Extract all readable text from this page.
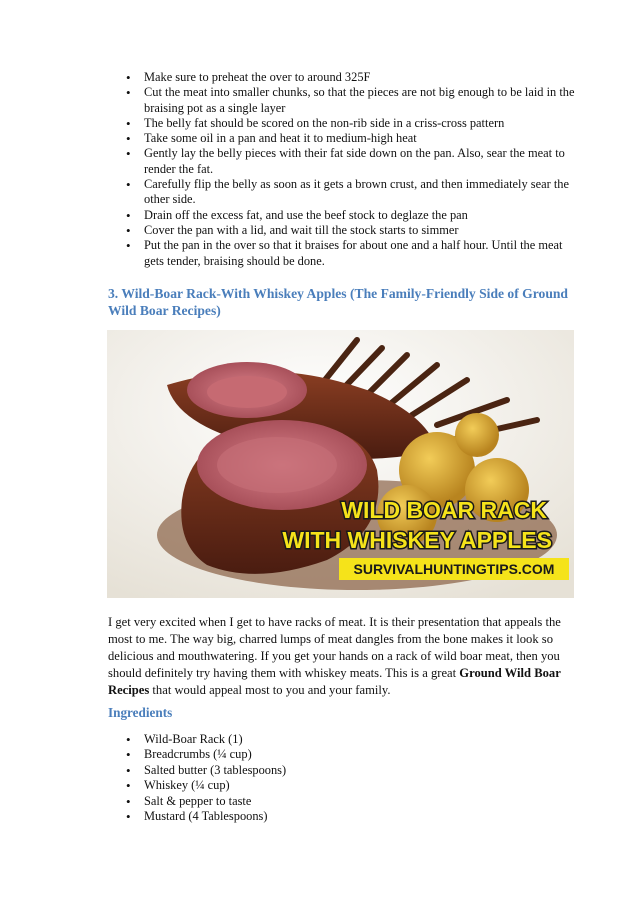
• Make sure to preheat the over to around 325F
• Cut the meat into smaller chunks, so that the pieces are not big enough to be laid in the braising pot as a single layer
• The belly fat should be scored on the non-rib side in a criss-cross pattern
• Take some oil in a pan and heat it to medium-high heat
• Gently lay the belly pieces with their fat side down on the pan. Also, sear the meat to render the fat.
• Carefully flip the belly as soon as it gets a brown crust, and then immediately sear the other side.
• Drain off the excess fat, and use the beef stock to deglaze the pan
• Cover the pan with a lid, and wait till the stock starts to simmer
• Put the pan in the over so that it braises for about one and a half hour. Until the meat gets tender, braising should be done.
3. Wild-Boar Rack-With Whiskey Apples (The Family-Friendly Side of Ground Wild Boar Recipes)
WILD BOAR RACK
WITH WHISKEY APPLES
SURVIVALHUNTINGTIPS.COM

I get very excited when I get to have racks of meat. It is their presentation that appeals the most to me. The way big, charred lumps of meat dangles from the bone makes it look so delicious and mouthwatering. If you get your hands on a rack of wild boar meat, then you should definitely try having them with whiskey meats. This is a great Ground Wild Boar Recipes that would appeal most to you and your family.

Ingredients
• Wild-Boar Rack (1)
• Breadcrumbs (¼ cup)
• Salted butter (3 tablespoons)
• Whiskey (¼ cup)
• Salt & pepper to taste
• Mustard (4 Tablespoons)
